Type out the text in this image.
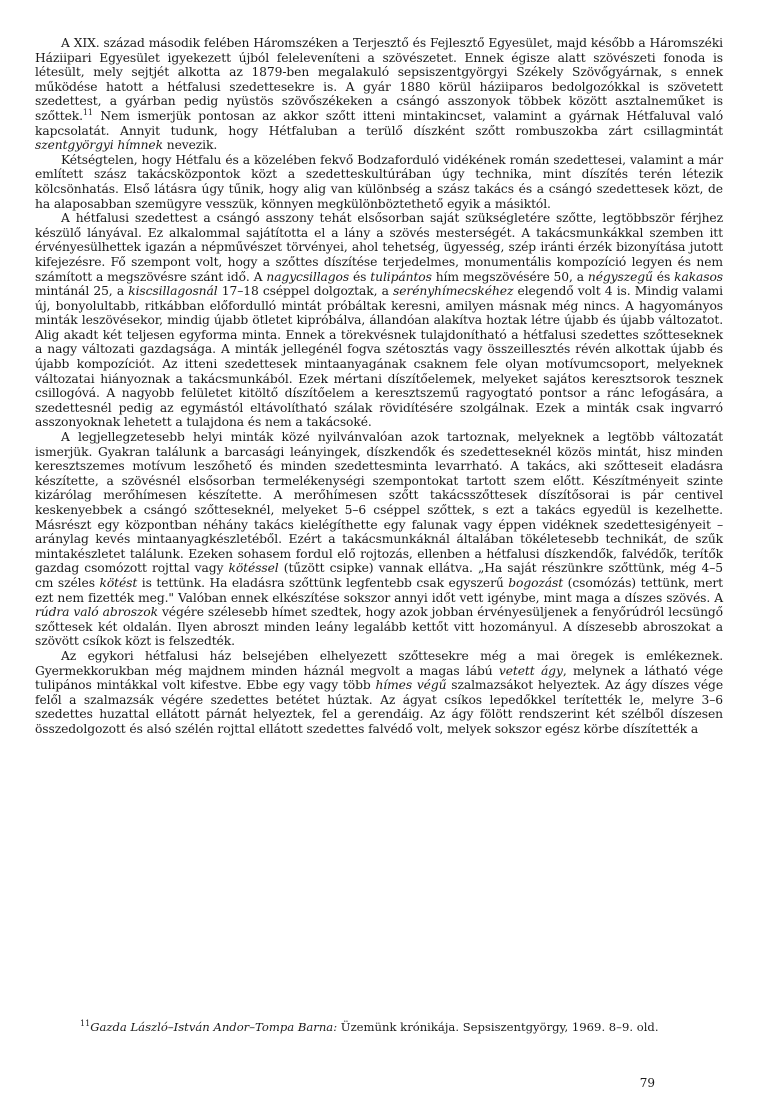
A XIX. század második felében Háromszéken a Terjesztő és Fejlesztő Egyesület, majd később a Háromszéki Háziipari Egyesület igyekezett újból feleleveníteni a szövészetet. Ennek égisze alatt szövészeti fonoda is létesült, mely sejtjét alkotta az 1879-ben megalakuló sepsiszentgyörgyi Székely Szövőgyárnak, s ennek működése hatott a hétfalusi szedettesekre is. A gyár 1880 körül háziiparos bedolgozókkal is szövetett szedettest, a gyárban pedig nyüstös szövőszékeken a csángó asszonyok többek között asztalneműket is szőttek.$^{11}$ Nem ismerjük pontosan az akkor szőtt itteni mintakincset, valamint a gyárnak Hétfaluval való kapcsolatát. Annyit tudunk, hogy Hétfaluban a terülő díszként szőtt rombuszokba zárt csillagmintát szentgyörgyi hímnek nevezik.

Kétségtelen, hogy Hétfalu és a közelében fekvő Bodzaforduló vidékének román szedettesei, valamint a már említett szász takácsközpontok közt a szedetteskultúrában úgy technika, mint díszítés terén létezik kölcsönhatás. Első látásra úgy tűnik, hogy alig van különbség a szász takács és a csángó szedettesek közt, de ha alaposabban szemügyre vesszük, könnyen megkülönböztethető egyik a másiktól.

A hétfalusi szedettest a csángó asszony tehát elsősorban saját szükségletére szőtte, legtöbbször férjhez készülő lányával. Ez alkalommal sajátította el a lány a szövés mesterségét. A takácsmunkákkal szemben itt érvényesülhettek igazán a népművészet törvényei, ahol tehetség, ügyesség, szép iránti érzék bizonyítása jutott kifejezésre. Fő szempont volt, hogy a szőttes díszítése terjedelmes, monumentális kompozíció legyen és nem számított a megszövésre szánt idő. A nagycsillagos és tulipántos hím megszövésére 50, a négyszegű és kakasos mintánál 25, a kiscsillagosnál 17–18 cséppel dolgoztak, a serényhímecskéhez elegendő volt 4 is. Mindig valami új, bonyolultabb, ritkábban előfordulló mintát próbáltak keresni, amilyen másnak még nincs. A hagyományos minták leszövésekor, mindig újabb ötletet kipróbálva, állandóan alakítva hoztak létre újabb és újabb változatot. Alig akadt két teljesen egyforma minta. Ennek a törekvésnek tulajdonítható a hétfalusi szedettes szőtteseknek a nagy változati gazdagsága. A minták jellegénél fogva szétosztás vagy összeillesztés révén alkottak újabb és újabb kompozíciót. Az itteni szedettesek mintaanyagának csaknem fele olyan motívumcsoport, melyeknek változatai hiányoznak a takácsmunkából. Ezek mértani díszítőelemek, melyeket sajátos keresztsorok tesznek csillogóvá. A nagyobb felületet kitöltő díszítőelem a keresztszemű ragyogtató pontsor a ránc lefogására, a szedettesnél pedig az egymástól eltávolítható szálak rövidítésére szolgálnak. Ezek a minták csak ingvarró asszonyoknak lehetett a tulajdona és nem a takácsoké.

A legjellegzetesebb helyi minták közé nyilvánvalóan azok tartoznak, melyeknek a legtöbb változatát ismerjük. Gyakran találunk a barcasági leányingek, díszkendők és szedetteseknél közös mintát, hisz minden keresztszemes motívum leszőhető és minden szedettesminta levarrható. A takács, aki szőtteseit eladásra készítette, a szövésnél elsősorban termelékenységi szempontokat tartott szem előtt. Készítményeit szinte kizárólag merőhímesen készítette. A merőhímesen szőtt takácsszőttesek díszítősorai is pár centivel keskenyebbek a csángó szőtteseknél, melyeket 5–6 cséppel szőttek, s ezt a takács egyedül is kezelhette. Másrészt egy központban néhány takács kielégíthette egy falunak vagy éppen vidéknek szedettesigényeit – aránylag kevés mintaanyagkészletéből. Ezért a takácsmunkáknál általában tökéletesebb technikát, de szűk mintakészletet találunk. Ezeken sohasem fordul elő rojtozás, ellenben a hétfalusi díszkendők, falvédők, terítők gazdag csomózott rojttal vagy kötéssel (tűzött csipke) vannak ellátva. „Ha saját részünkre szőttünk, még 4–5 cm széles kötést is tettünk. Ha eladásra szőttünk legfentebb csak egyszerű bogozást (csomózás) tettünk, mert ezt nem fizették meg." Valóban ennek elkészítése sokszor annyi időt vett igénybe, mint maga a díszes szövés. A rúdra való abroszok végére szélesebb hímet szedtek, hogy azok jobban érvényesüljenek a fenyőrúdról lecsüngő szőttesek két oldalán. Ilyen abroszt minden leány legalább kettőt vitt hozományul. A díszesebb abroszokat a szövött csíkok közt is felszedték.

Az egykori hétfalusi ház belsejében elhelyezett szőttesekre még a mai öregek is emlékeznek. Gyermekkorukban még majdnem minden háznál megvolt a magas lábú vetett ágy, melynek a látható vége tulipános mintákkal volt kifestve. Ebbe egy vagy több hímes végű szalmazsákot helyeztek. Az ágy díszes vége felől a szalmazsák végére szedettes betétet húztak. Az ágyat csíkos lepedőkkel terítették le, melyre 3–6 szedettes huzattal ellátott párnát helyeztek, fel a gerendáig. Az ágy fölött rendszerint két szélből díszesen összedolgozott és alsó szélén rojttal ellátott szedettes falvédő volt, melyek sokszor egész körbe díszítették a

$^{11}$Gazda László–István Andor–Tompa Barna: Üzemünk krónikája. Sepsiszentgyörgy, 1969. 8–9. old.
79
